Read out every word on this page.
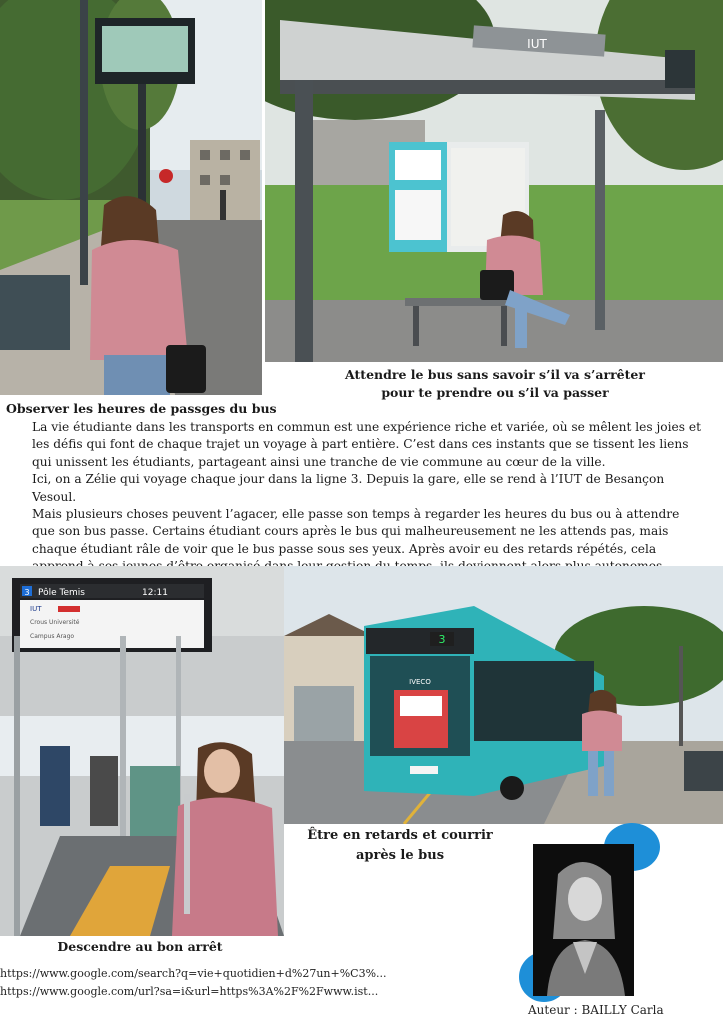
IUT
Attendre le bus sans savoir s’il va s’arrêter
pour te prendre ou s’il va passer
Observer les heures de passges du bus

La vie étudiante dans les transports en commun est une expérience riche et variée, où se mêlent les joies et les défis qui font de chaque trajet un voyage à part entière. C’est dans ces instants que se tissent les liens qui unissent les étudiants, partageant ainsi une tranche de vie commune au cœur de la ville.

Ici, on a Zélie qui voyage chaque jour dans la ligne 3. Depuis la gare, elle se rend à l’IUT de Besançon Vesoul.

Mais plusieurs choses peuvent l’agacer, elle passe son temps à regarder les heures du bus ou à attendre que son bus passe. Certains étudiant cours après le bus qui malheureusement ne les attends pas, mais chaque étudiant râle de voir que le bus passe sous ses yeux. Après avoir eu des retards répétés, cela

3 Pôle Temis	12:11
IUT
Crous Université
Campus Arago	3
IVECO
Être en retards et courrir
après le bus
Descendre au bon arrêt
https://www.google.com/search?q=vie+quotidien+d%27un+%C3%...
https://www.google.com/url?sa=i&url=https%3A%2F%2Fwww.ist...
Auteur : BAILLY Carla
